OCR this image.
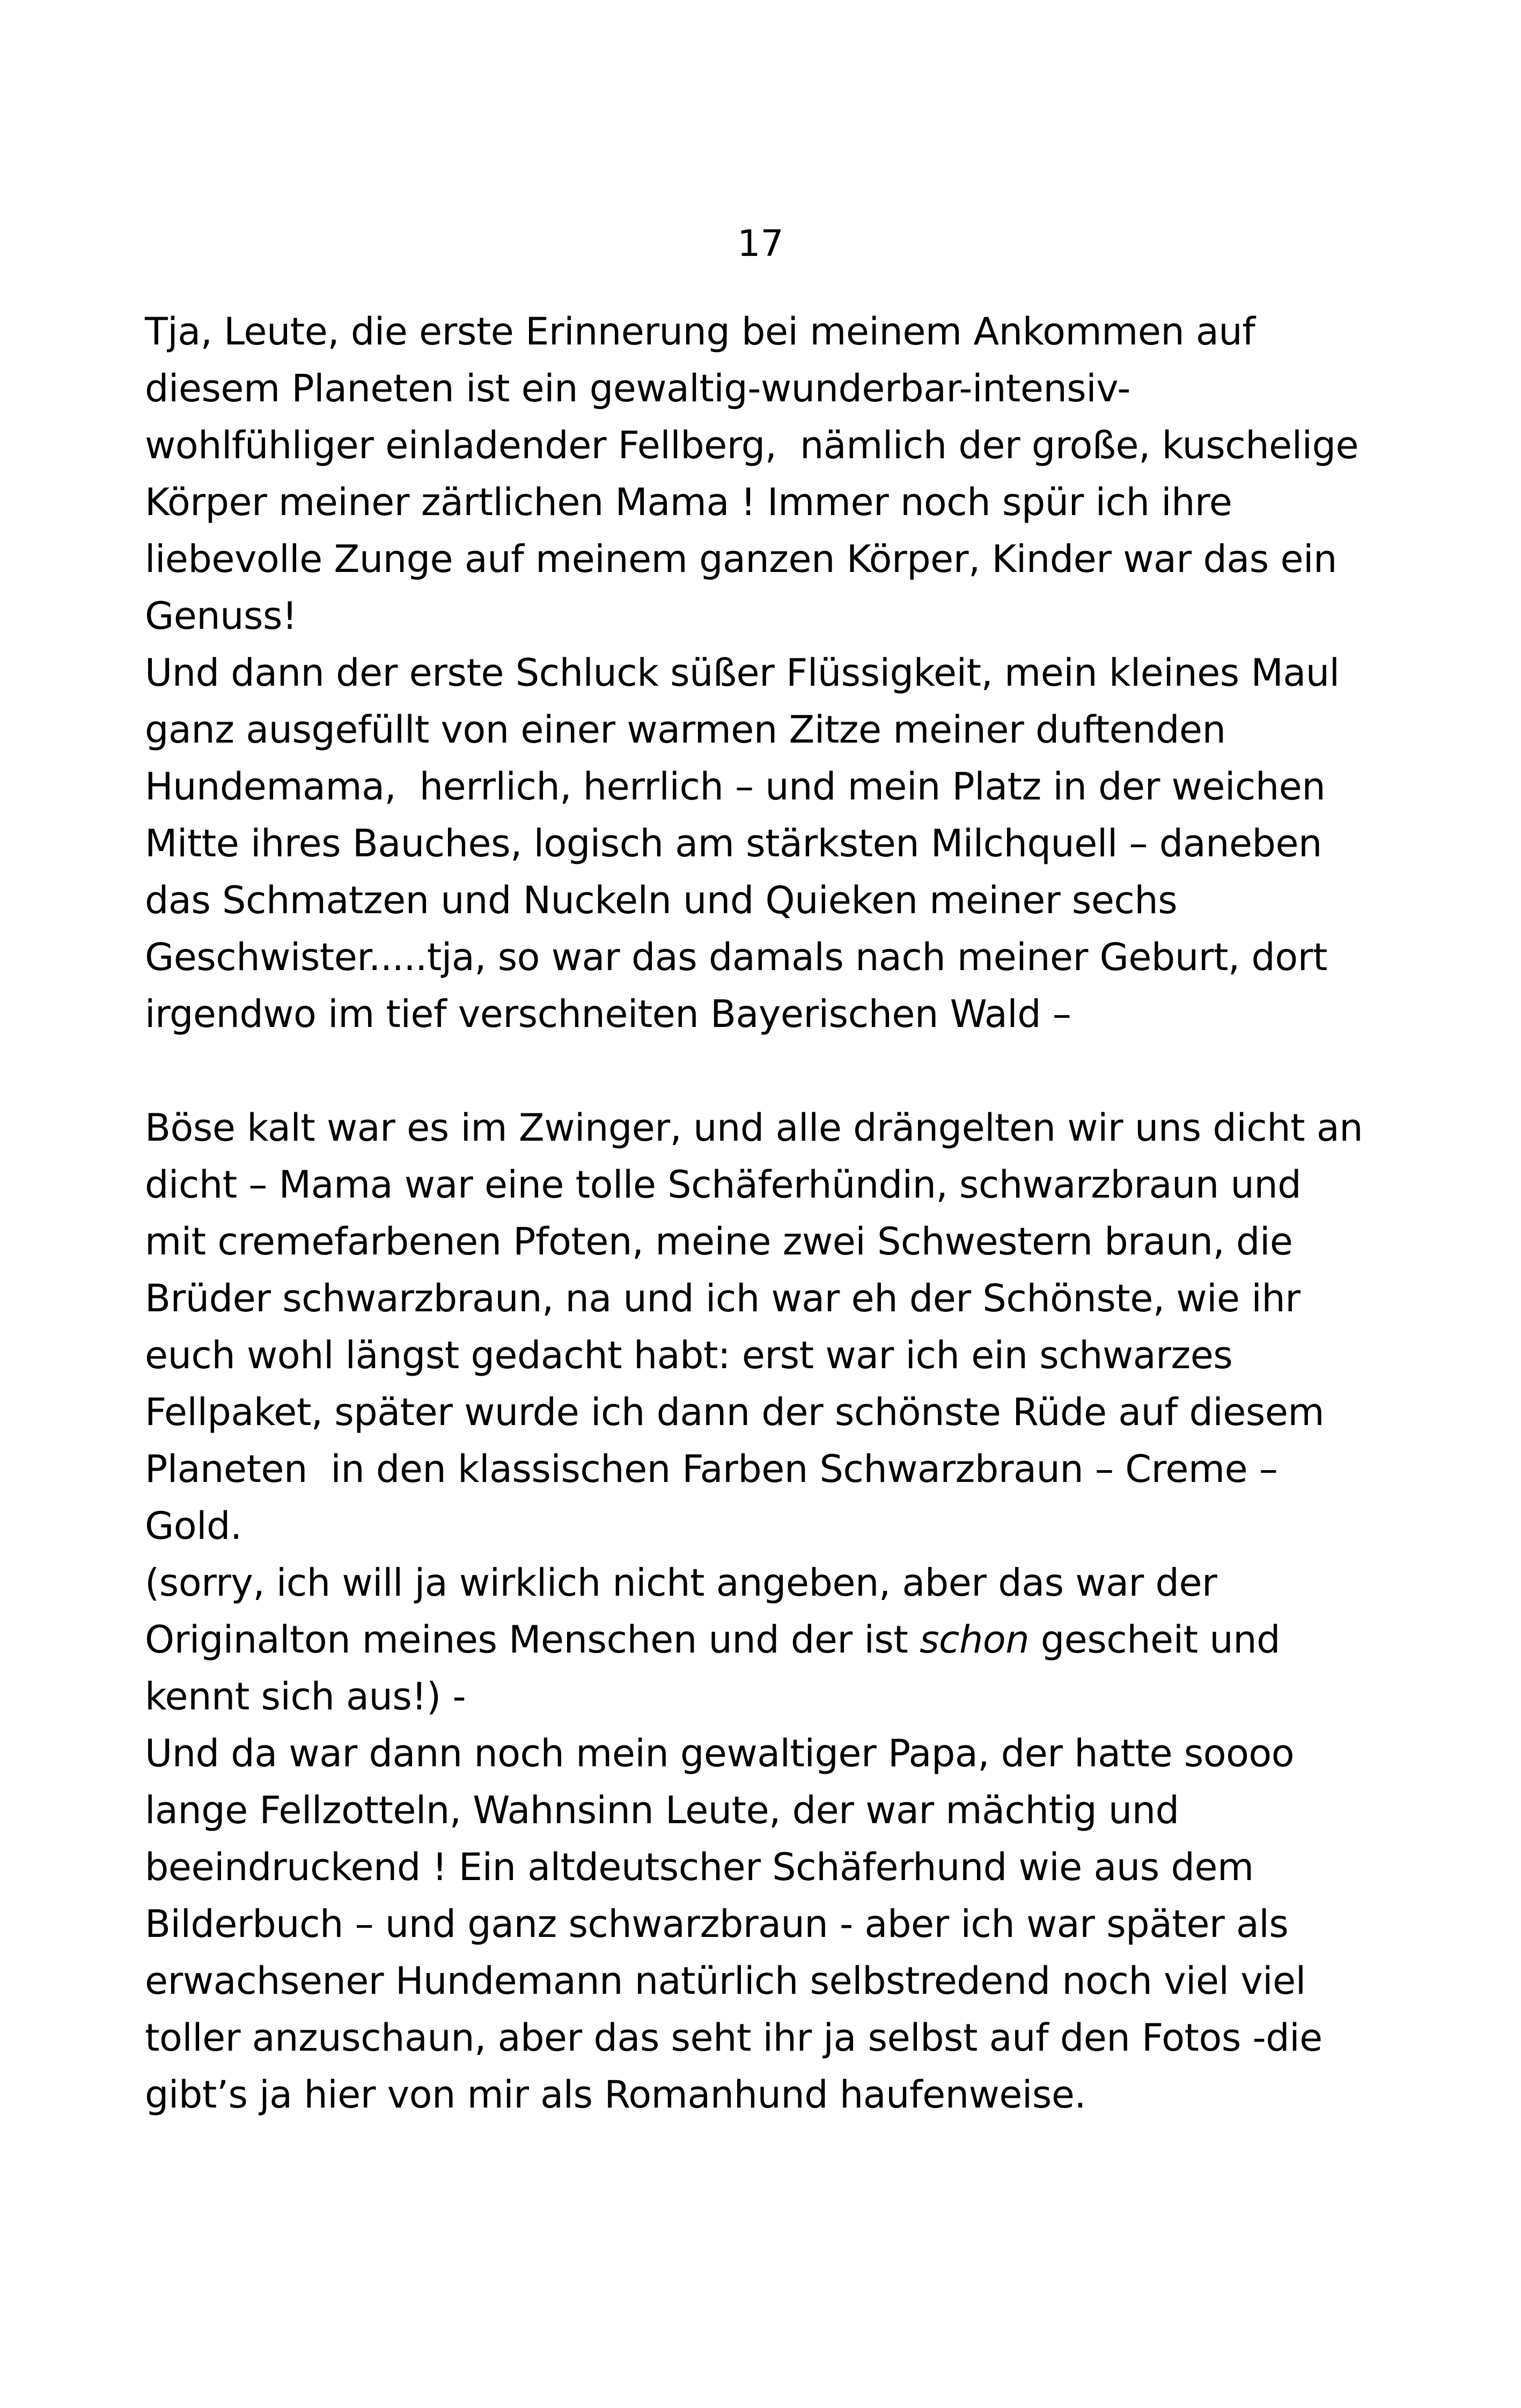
17
Tja, Leute, die erste Erinnerung bei meinem Ankommen auf
diesem Planeten ist ein gewaltig-wunderbar-intensiv-
wohlfühliger einladender Fellberg,  nämlich der große, kuschelige
Körper meiner zärtlichen Mama ! Immer noch spür ich ihre
liebevolle Zunge auf meinem ganzen Körper, Kinder war das ein
Genuss!
Und dann der erste Schluck süßer Flüssigkeit, mein kleines Maul
ganz ausgefüllt von einer warmen Zitze meiner duftenden
Hundemama,  herrlich, herrlich – und mein Platz in der weichen
Mitte ihres Bauches, logisch am stärksten Milchquell – daneben
das Schmatzen und Nuckeln und Quieken meiner sechs
Geschwister.....tja, so war das damals nach meiner Geburt, dort
irgendwo im tief verschneiten Bayerischen Wald –
Böse kalt war es im Zwinger, und alle drängelten wir uns dicht an
dicht – Mama war eine tolle Schäferhündin, schwarzbraun und
mit cremefarbenen Pfoten, meine zwei Schwestern braun, die
Brüder schwarzbraun, na und ich war eh der Schönste, wie ihr
euch wohl längst gedacht habt: erst war ich ein schwarzes
Fellpaket, später wurde ich dann der schönste Rüde auf diesem
Planeten  in den klassischen Farben Schwarzbraun – Creme –
Gold.
(sorry, ich will ja wirklich nicht angeben, aber das war der
Originalton meines Menschen und der ist schon gescheit und
kennt sich aus!) -
Und da war dann noch mein gewaltiger Papa, der hatte soooo
lange Fellzotteln, Wahnsinn Leute, der war mächtig und
beeindruckend ! Ein altdeutscher Schäferhund wie aus dem
Bilderbuch – und ganz schwarzbraun - aber ich war später als
erwachsener Hundemann natürlich selbstredend noch viel viel
toller anzuschaun, aber das seht ihr ja selbst auf den Fotos -die
gibt’s ja hier von mir als Romanhund haufenweise.
